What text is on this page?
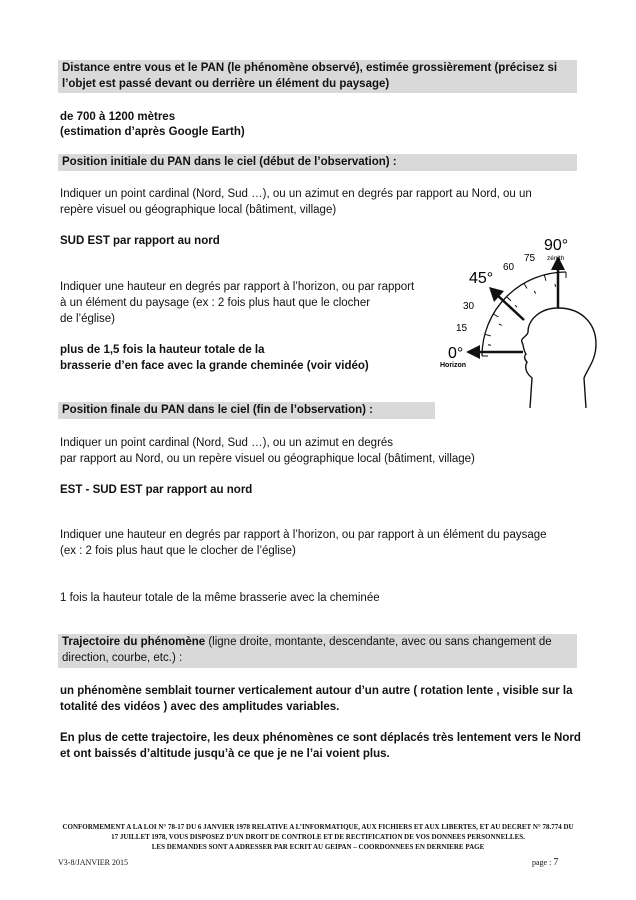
Distance entre vous et le PAN (le phénomène observé), estimée grossièrement (précisez si
l’objet est passé devant ou derrière un élément du paysage)
de 700 à 1200 mètres
(estimation d’après Google Earth)
Position initiale du PAN dans le ciel (début de l’observation) :
Indiquer un point cardinal (Nord, Sud …), ou un azimut en degrés par rapport au Nord, ou un
repère visuel ou géographique local (bâtiment, village)
SUD EST par rapport au nord
Indiquer une hauteur en degrés par rapport à l’horizon, ou par rapport
à un élément du paysage (ex : 2 fois plus haut que le clocher
de l’église)
plus de 1,5 fois la hauteur totale de la
brasserie d’en face avec la grande cheminée (voir vidéo)
90°
zénith
75
60
45°
30
15
0°
Horizon
Position finale du PAN dans le ciel (fin de l’observation) :
Indiquer un point cardinal (Nord, Sud …), ou un azimut en degrés
par rapport au Nord, ou un repère visuel ou géographique local (bâtiment, village)
EST - SUD EST par rapport au nord
Indiquer une hauteur en degrés par rapport à l’horizon, ou par rapport à un élément du paysage
(ex : 2 fois plus haut que le clocher de l’église)
1 fois la hauteur totale de la même brasserie avec la cheminée
Trajectoire du phénomène (ligne droite, montante, descendante, avec ou sans changement de
direction, courbe, etc.) :
un phénomène semblait tourner verticalement autour d’un autre ( rotation lente , visible sur la
totalité des vidéos ) avec des amplitudes variables.
En plus de cette trajectoire, les deux phénomènes ce sont déplacés très lentement vers le Nord
et ont baissés d’altitude jusqu’à ce que je ne l’ai voient plus.
CONFORMEMENT A LA LOI N° 78-17 DU 6 JANVIER 1978 RELATIVE A L’INFORMATIQUE, AUX FICHIERS ET AUX LIBERTES, ET AU DECRET N° 78.774 DU
17 JUILLET 1978, VOUS DISPOSEZ D’UN DROIT DE CONTROLE ET DE RECTIFICATION DE VOS DONNEES PERSONNELLES.
LES DEMANDES SONT A ADRESSER PAR ECRIT AU GEIPAN – COORDONNEES EN DERNIERE PAGE
V3-8/JANVIER 2015	page : 7
